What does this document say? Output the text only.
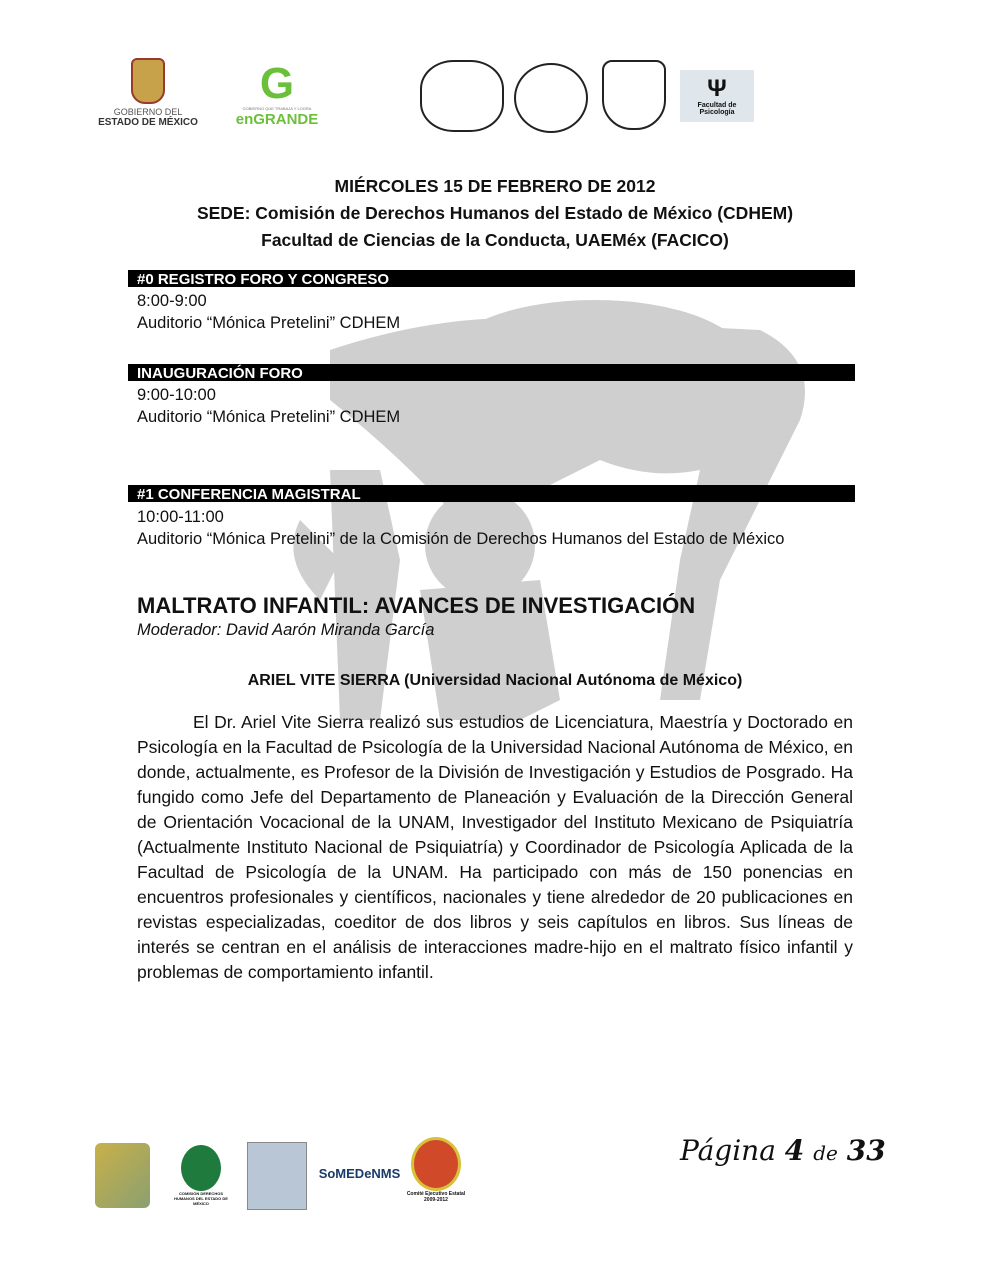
GOBIERNO DEL
ESTADO DE MÉXICO
G
GOBIERNO QUE TRABAJA Y LOGRA
enGRANDE
Ψ
Facultad de Psicología
MIÉRCOLES 15 DE FEBRERO DE 2012
SEDE: Comisión de Derechos Humanos del Estado de México (CDHEM)
Facultad de Ciencias de la Conducta, UAEMéx (FACICO)
#0 REGISTRO FORO Y CONGRESO
8:00-9:00
Auditorio “Mónica Pretelini” CDHEM
INAUGURACIÓN FORO
9:00-10:00
Auditorio “Mónica Pretelini” CDHEM
#1 CONFERENCIA MAGISTRAL
10:00-11:00
Auditorio “Mónica Pretelini” de la Comisión de Derechos Humanos del Estado de México
MALTRATO INFANTIL: AVANCES DE INVESTIGACIÓN
Moderador: David Aarón Miranda García
ARIEL VITE SIERRA (Universidad Nacional Autónoma de México)
El Dr. Ariel Vite Sierra realizó sus estudios de Licenciatura, Maestría y Doctorado en Psicología en la Facultad de Psicología de la Universidad Nacional Autónoma de México, en donde, actualmente, es Profesor de la División de Investigación y Estudios de Posgrado. Ha fungido como Jefe del Departamento de Planeación y Evaluación de la Dirección General de Orientación Vocacional de la UNAM, Investigador del Instituto Mexicano de Psiquiatría (Actualmente Instituto Nacional de Psiquiatría) y Coordinador de Psicología Aplicada de la Facultad de Psicología de la UNAM. Ha participado con más de 150 ponencias en encuentros profesionales y científicos, nacionales y tiene alrededor de 20 publicaciones en revistas especializadas, coeditor de dos libros y seis capítulos en libros. Sus líneas de interés se centran en el análisis de interacciones madre-hijo en el maltrato físico infantil y problemas de comportamiento infantil.
COMISIÓN DERECHOS HUMANOS DEL ESTADO DE MÉXICO
SoMEDeNMS
Comité Ejecutivo Estatal 2009-2012
Página 4 de 33
